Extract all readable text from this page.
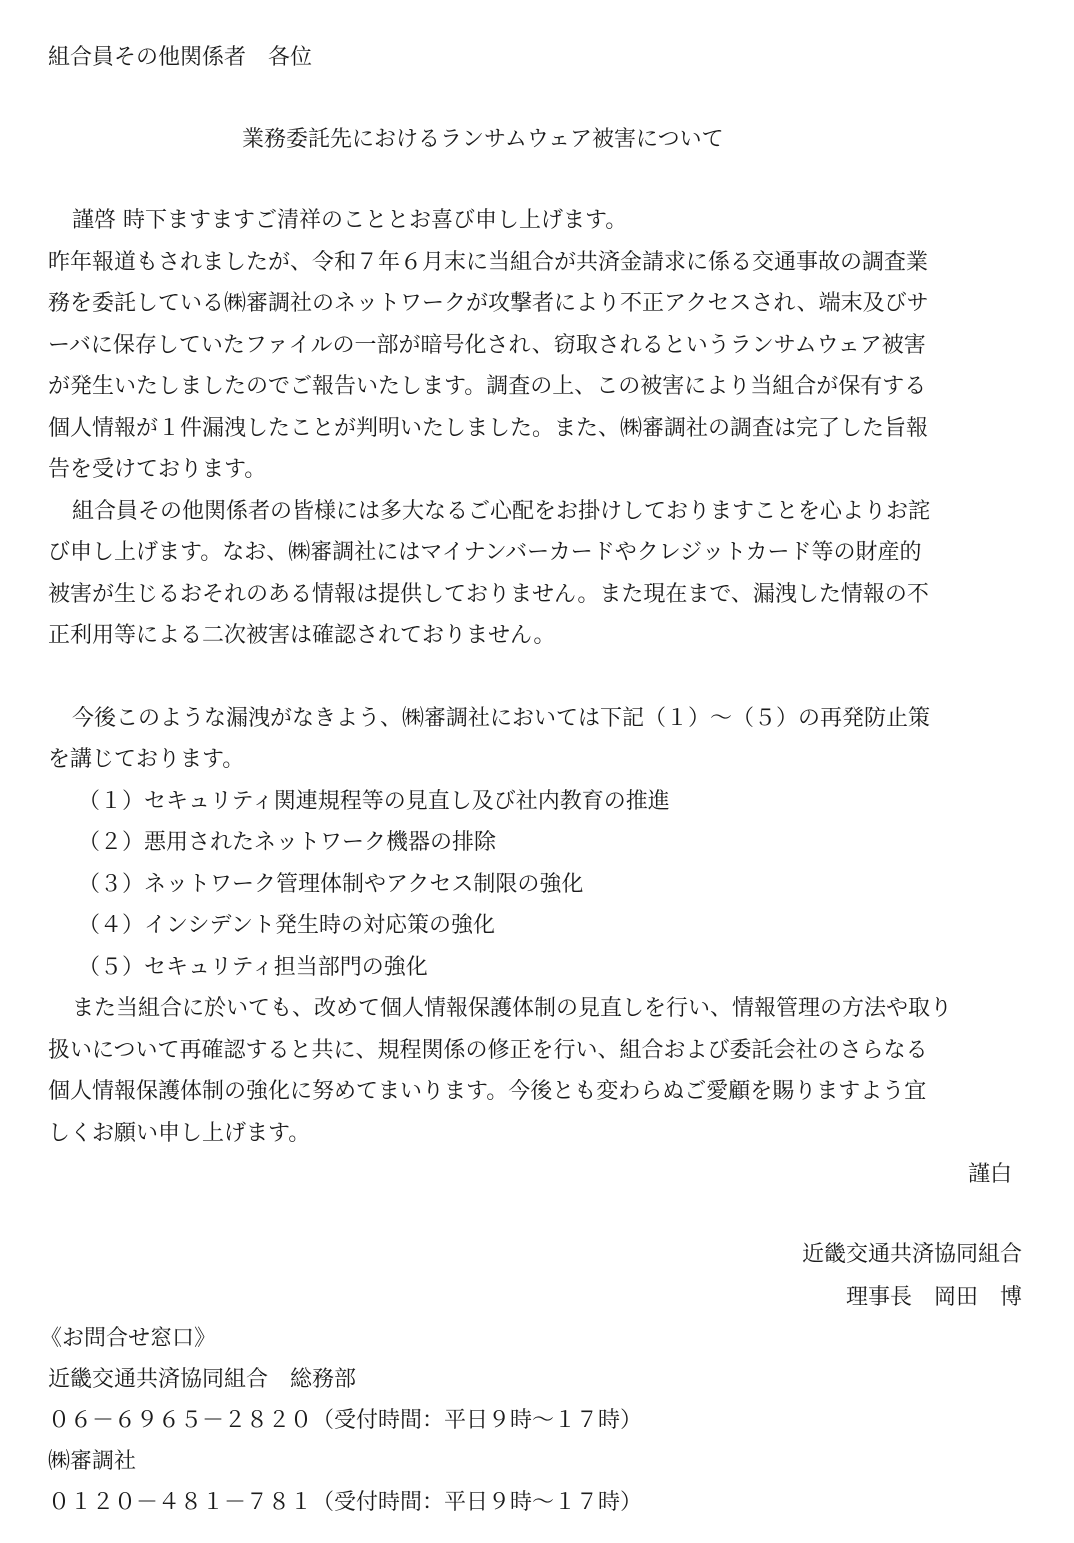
組合員その他関係者　各位
業務委託先におけるランサムウェア被害について
謹啓 時下ますますご清祥のこととお喜び申し上げます。
昨年報道もされましたが、令和７年６月末に当組合が共済金請求に係る交通事故の調査業
務を委託している㈱審調社のネットワークが攻撃者により不正アクセスされ、端末及びサ
ーバに保存していたファイルの一部が暗号化され、窃取されるというランサムウェア被害
が発生いたしましたのでご報告いたします。調査の上、この被害により当組合が保有する
個人情報が１件漏洩したことが判明いたしました。また、㈱審調社の調査は完了した旨報
告を受けております。
組合員その他関係者の皆様には多大なるご心配をお掛けしておりますことを心よりお詫
び申し上げます。なお、㈱審調社にはマイナンバーカードやクレジットカード等の財産的
被害が生じるおそれのある情報は提供しておりません。また現在まで、漏洩した情報の不
正利用等による二次被害は確認されておりません。
今後このような漏洩がなきよう、㈱審調社においては下記（１）～（５）の再発防止策
を講じております。
（１）セキュリティ関連規程等の見直し及び社内教育の推進
（２）悪用されたネットワーク機器の排除
（３）ネットワーク管理体制やアクセス制限の強化
（４）インシデント発生時の対応策の強化
（５）セキュリティ担当部門の強化
また当組合に於いても、改めて個人情報保護体制の見直しを行い、情報管理の方法や取り
扱いについて再確認すると共に、規程関係の修正を行い、組合および委託会社のさらなる
個人情報保護体制の強化に努めてまいります。今後とも変わらぬご愛顧を賜りますよう宜
しくお願い申し上げます。
謹白
近畿交通共済協同組合
理事長　岡田　博
《お問合せ窓口》
近畿交通共済協同組合　総務部
０６－６９６５－２８２０（受付時間：平日９時～１７時）
㈱審調社
０１２０－４８１－７８１（受付時間：平日９時～１７時）
